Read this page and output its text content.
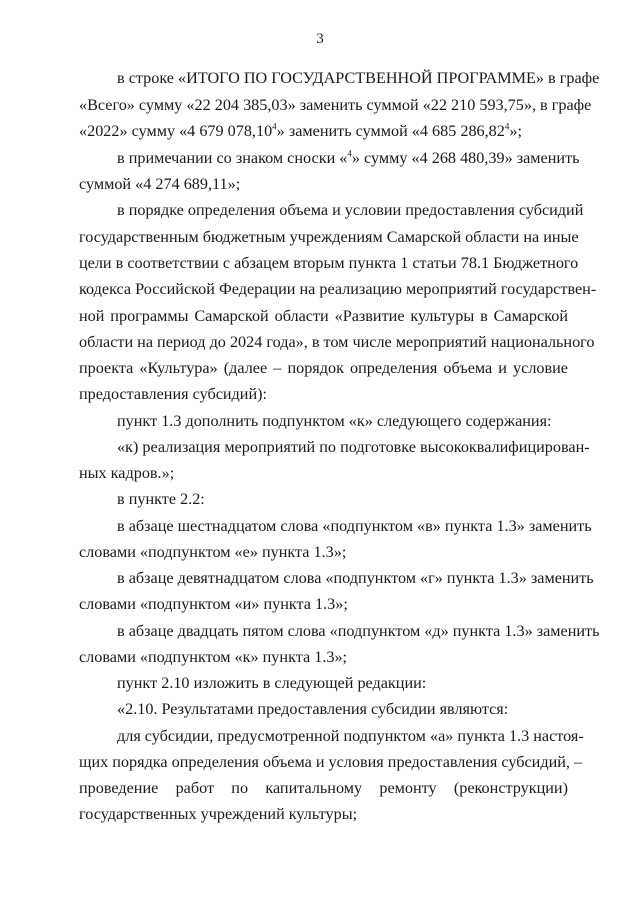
3
в строке «ИТОГО ПО ГОСУДАРСТВЕННОЙ ПРОГРАММЕ» в графе
«Всего» сумму «22 204 385,03» заменить суммой «22 210 593,75», в графе
«2022» сумму «4 679 078,10$^4$» заменить суммой «4 685 286,82$^4$»;
в примечании со знаком сноски «$^4$» сумму «4 268 480,39» заменить
суммой «4 274 689,11»;
в порядке определения объема и условии предоставления субсидий
государственным бюджетным учреждениям Самарской области на иные
цели в соответствии с абзацем вторым пункта 1 статьи 78.1 Бюджетного
кодекса Российской Федерации на реализацию мероприятий государствен-
ной программы Самарской области «Развитие культуры в Самарской
области на период до 2024 года», в том числе мероприятий национального
проекта «Культура» (далее – порядок определения объема и условие
предоставления субсидий):
пункт 1.3 дополнить подпунктом «к» следующего содержания:
«к) реализация мероприятий по подготовке высококвалифицирован-
ных кадров.»;
в пункте 2.2:
в абзаце шестнадцатом слова «подпунктом «в» пункта 1.3» заменить
словами «подпунктом «е» пункта 1.3»;
в абзаце девятнадцатом слова «подпунктом «г» пункта 1.3» заменить
словами «подпунктом «и» пункта 1.3»;
в абзаце двадцать пятом слова «подпунктом «д» пункта 1.3» заменить
словами «подпунктом «к» пункта 1.3»;
пункт 2.10 изложить в следующей редакции:
«2.10. Результатами предоставления субсидии являются:
для субсидии, предусмотренной подпунктом «а» пункта 1.3 настоя-
щих порядка определения объема и условия предоставления субсидий, –
проведение работ по капитальному ремонту (реконструкции)
государственных учреждений культуры;
